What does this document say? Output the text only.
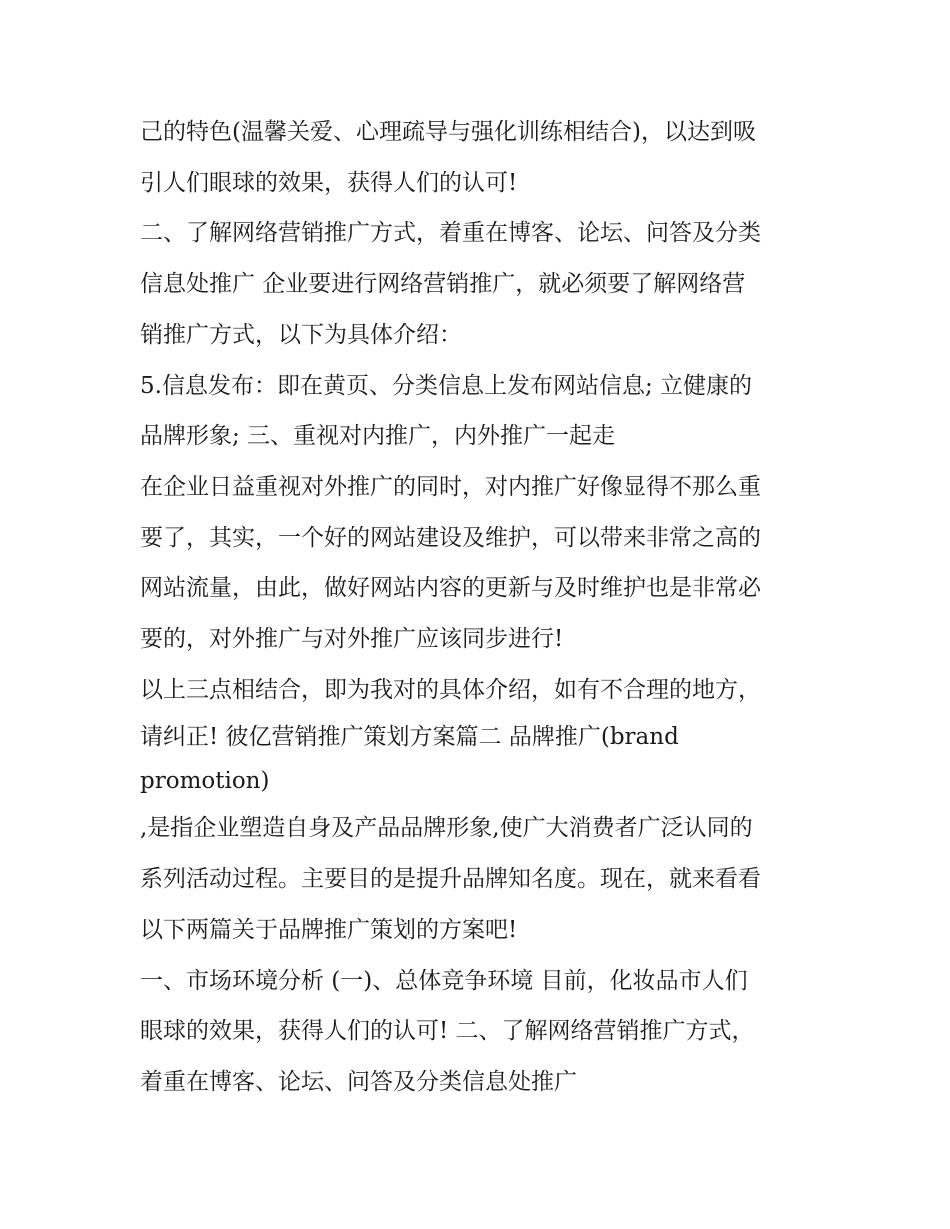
己的特色(温馨关爱、心理疏导与强化训练相结合)，以达到吸
引人们眼球的效果，获得人们的认可!

二、了解网络营销推广方式，着重在博客、论坛、问答及分类
信息处推广 企业要进行网络营销推广，就必须要了解网络营
销推广方式，以下为具体介绍：

5.信息发布：即在黄页、分类信息上发布网站信息; 立健康的
品牌形象; 三、重视对内推广，内外推广一起走

在企业日益重视对外推广的同时，对内推广好像显得不那么重
要了，其实，一个好的网站建设及维护，可以带来非常之高的
网站流量，由此，做好网站内容的更新与及时维护也是非常必
要的，对外推广与对外推广应该同步进行!

以上三点相结合，即为我对的具体介绍，如有不合理的地方，
请纠正! 彼亿营销推广策划方案篇二 品牌推广(brand
promotion)

,是指企业塑造自身及产品品牌形象,使广大消费者广泛认同的
系列活动过程。主要目的是提升品牌知名度。现在，就来看看
以下两篇关于品牌推广策划的方案吧!

一、市场环境分析 (一)、总体竞争环境 目前，化妆品市人们
眼球的效果，获得人们的认可! 二、了解网络营销推广方式，
着重在博客、论坛、问答及分类信息处推广
